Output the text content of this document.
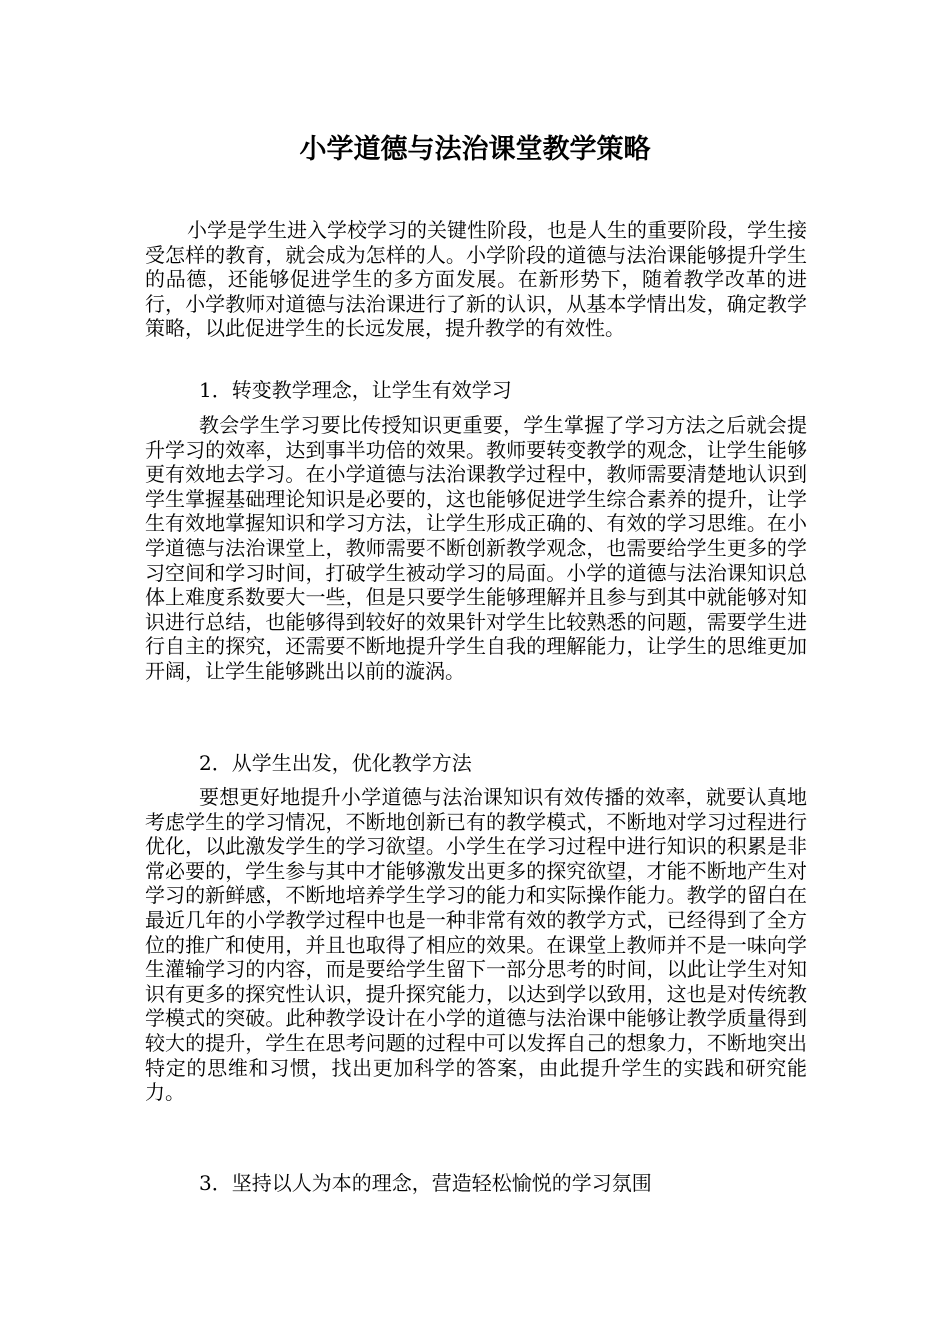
小学道德与法治课堂教学策略

小学是学生进入学校学习的关键性阶段，也是人生的重要阶段，学生接受怎样的教育，就会成为怎样的人。小学阶段的道德与法治课能够提升学生的品德，还能够促进学生的多方面发展。在新形势下，随着教学改革的进行，小学教师对道德与法治课进行了新的认识，从基本学情出发，确定教学策略，以此促进学生的长远发展，提升教学的有效性。

1．转变教学理念，让学生有效学习

教会学生学习要比传授知识更重要，学生掌握了学习方法之后就会提升学习的效率，达到事半功倍的效果。教师要转变教学的观念，让学生能够更有效地去学习。在小学道德与法治课教学过程中，教师需要清楚地认识到学生掌握基础理论知识是必要的，这也能够促进学生综合素养的提升，让学生有效地掌握知识和学习方法，让学生形成正确的、有效的学习思维。在小学道德与法治课堂上，教师需要不断创新教学观念，也需要给学生更多的学习空间和学习时间，打破学生被动学习的局面。小学的道德与法治课知识总体上难度系数要大一些，但是只要学生能够理解并且参与到其中就能够对知识进行总结，也能够得到较好的效果针对学生比较熟悉的问题，需要学生进行自主的探究，还需要不断地提升学生自我的理解能力，让学生的思维更加开阔，让学生能够跳出以前的漩涡。

2．从学生出发，优化教学方法

要想更好地提升小学道德与法治课知识有效传播的效率，就要认真地考虑学生的学习情况，不断地创新已有的教学模式，不断地对学习过程进行优化，以此激发学生的学习欲望。小学生在学习过程中进行知识的积累是非常必要的，学生参与其中才能够激发出更多的探究欲望，才能不断地产生对学习的新鲜感，不断地培养学生学习的能力和实际操作能力。教学的留白在最近几年的小学教学过程中也是一种非常有效的教学方式，已经得到了全方位的推广和使用，并且也取得了相应的效果。在课堂上教师并不是一味向学生灌输学习的内容，而是要给学生留下一部分思考的时间，以此让学生对知识有更多的探究性认识，提升探究能力，以达到学以致用，这也是对传统教学模式的突破。此种教学设计在小学的道德与法治课中能够让教学质量得到较大的提升，学生在思考问题的过程中可以发挥自己的想象力，不断地突出特定的思维和习惯，找出更加科学的答案，由此提升学生的实践和研究能力。

3．坚持以人为本的理念，营造轻松愉悦的学习氛围
